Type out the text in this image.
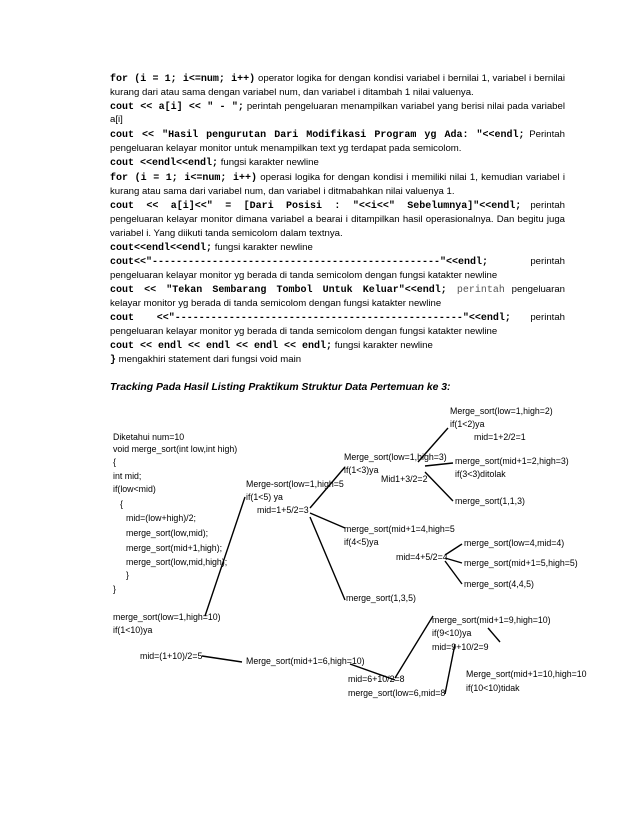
for (i = 1; i<=num; i++) operator logika for dengan kondisi variabel i bernilai 1, variabel i bernilai
kurang dari atau sama dengan variabel num, dan variabel i ditambah 1 nilai valuenya.
cout << a[i] << " - "; perintah pengeluaran menampilkan variabel yang berisi nilai pada variabel
a[i]
cout << "Hasil pengurutan Dari Modifikasi Program yg Ada: "<<endl; Perintah
pengeluaran kelayar monitor untuk menampilkan text yg terdapat pada semicolom.
cout <<endl<<endl; fungsi karakter newline
for (i = 1; i<=num; i++) operasi logika for dengan kondisi i memiliki nilai 1, kemudian variabel i
kurang atau sama dari variabel num, dan variabel i ditmabahkan nilai valuenya 1.
cout << a[i]<<" = [Dari Posisi : "<<i<<" Sebelumnya]"<<endl; perintah
pengeluaran kelayar monitor dimana variabel a bearai i ditampilkan hasil operasionalnya. Dan begitu juga
variabel i. Yang diikuti tanda semicolom dalam textnya.
cout<<endl<<endl; fungsi karakter newline
cout<<"------------------------------------------------"<<endl; perintah
pengeluaran kelayar monitor yg berada di tanda semicolom dengan fungsi katakter newline
cout << "Tekan Sembarang Tombol Untuk Keluar"<<endl; perintah pengeluaran
kelayar monitor yg berada di tanda semicolom dengan fungsi katakter newline
cout <<"------------------------------------------------"<<endl; perintah
pengeluaran kelayar monitor yg berada di tanda semicolom dengan fungsi katakter newline
cout << endl << endl << endl << endl; fungsi karakter newline
} mengakhiri statement dari fungsi void main
Tracking Pada Hasil Listing Praktikum Struktur Data Pertemuan ke 3:
Diketahui num=10
void merge_sort(int low,int high)
{
int mid;
if(low<mid)
{
mid=(low+high)/2;
merge_sort(low,mid);
merge_sort(mid+1,high);
merge_sort(low,mid,high);
}
}
merge_sort(low=1,high=10)
if(1<10)ya
mid=(1+10)/2=5
Merge-sort(low=1,high=5
if(1<5) ya
mid=1+5/2=3
Merge_sort(low=1,high=3)
if(1<3)ya
Mid1+3/2=2
Merge_sort(low=1,high=2)
if(1<2)ya
mid=1+2/2=1
merge_sort(mid+1=2,high=3)
if(3<3)ditolak
merge_sort(1,1,3)
merge_sort(mid+1=4,high=5
if(4<5)ya
mid=4+5/2=4
merge_sort(low=4,mid=4)
merge_sort(mid+1=5,high=5)
merge_sort(4,4,5)
merge_sort(1,3,5)
Merge_sort(mid+1=6,high=10)
mid=6+10/2=8
merge_sort(low=6,mid=8
merge_sort(mid+1=9,high=10)
if(9<10)ya
mid=9+10/2=9
Merge_sort(mid+1=10,high=10
if(10<10)tidak
